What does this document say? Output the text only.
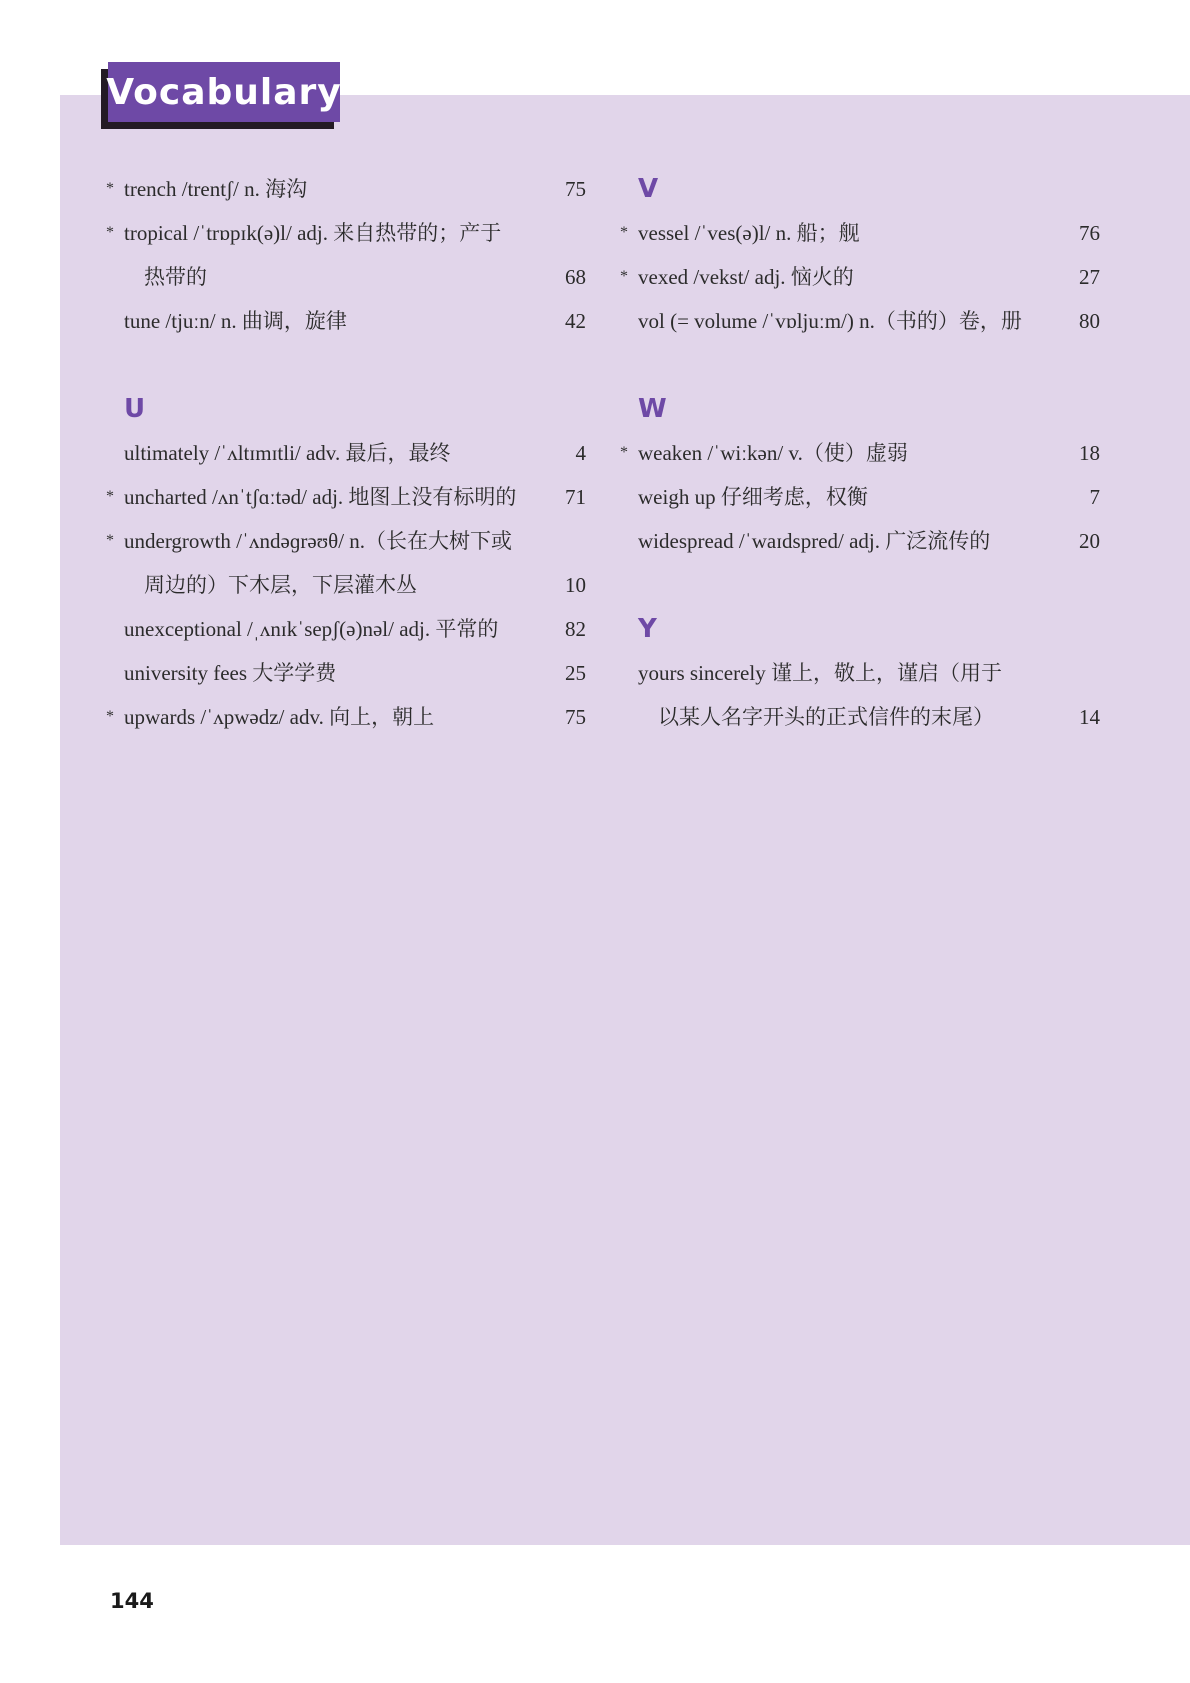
Vocabulary
* trench /trentʃ/ n. 海沟	75
* tropical /ˈtrɒpɪk(ə)l/ adj. 来自热带的；产于
热带的	68
tune /tjuːn/ n. 曲调，旋律	42
U
ultimately /ˈʌltɪmɪtli/ adv. 最后，最终	4
* uncharted /ʌnˈtʃɑːtəd/ adj. 地图上没有标明的 71
* undergrowth /ˈʌndəɡrəʊθ/ n.（长在大树下或
周边的）下木层，下层灌木丛	10
unexceptional /ˌʌnɪkˈsepʃ(ə)nəl/ adj. 平常的	82
university fees 大学学费	25
* upwards /ˈʌpwədz/ adv. 向上，朝上	75
V
* vessel /ˈves(ə)l/ n. 船；舰	76
* vexed /vekst/ adj. 恼火的	27
vol (= volume /ˈvɒljuːm/) n.（书的）卷，册	80
W
* weaken /ˈwiːkən/ v.（使）虚弱	18
weigh up 仔细考虑，权衡	7
widespread /ˈwaɪdspred/ adj. 广泛流传的	20
Y
yours sincerely 谨上，敬上，谨启（用于
以某人名字开头的正式信件的末尾）	14
144
